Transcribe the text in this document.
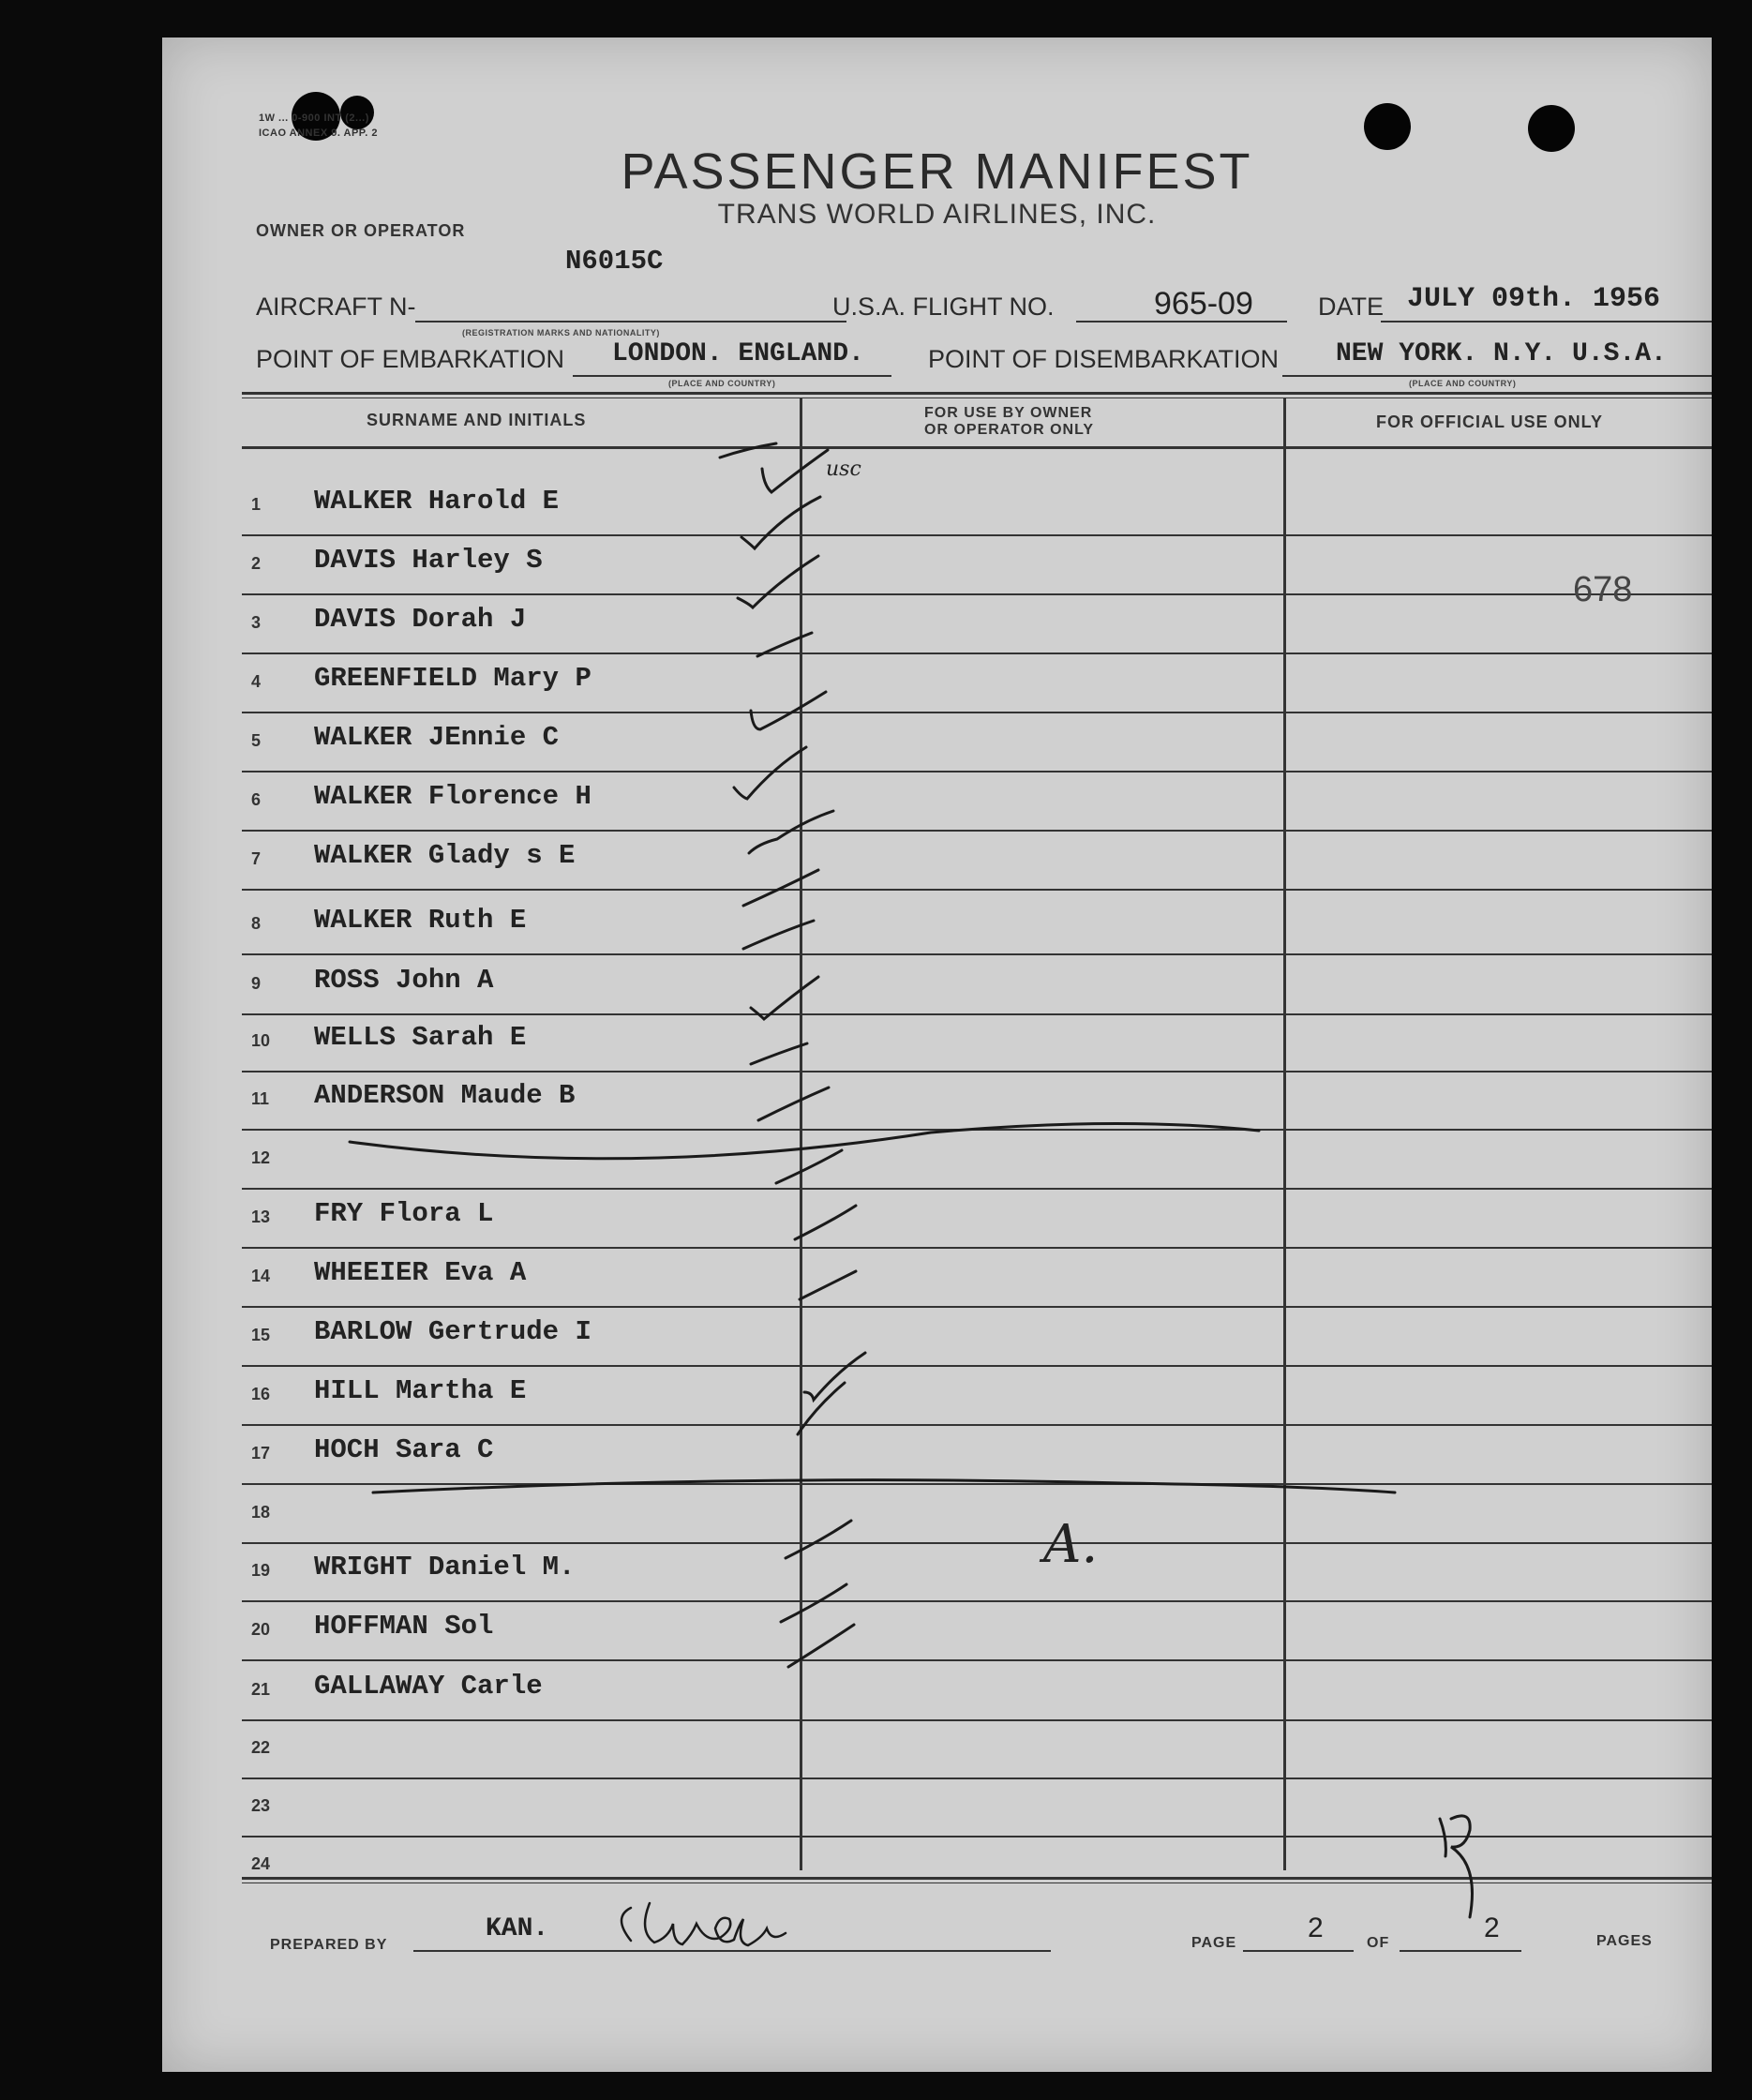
1W ... 0-900 INT (2...)
ICAO ANNEX 9. APP. 2
PASSENGER MANIFEST
TRANS WORLD AIRLINES, INC.
OWNER OR OPERATOR
N6015C
AIRCRAFT N-
(REGISTRATION MARKS AND NATIONALITY)
U.S.A. FLIGHT NO.	965-09	DATE JULY 09th. 1956
POINT OF EMBARKATION LONDON. ENGLAND.
(PLACE AND COUNTRY)
POINT OF DISEMBARKATION NEW YORK. N.Y. U.S.A.
(PLACE AND COUNTRY)
SURNAME AND INITIALS	FOR USE BY OWNER
OR OPERATOR ONLY	FOR OFFICIAL USE ONLY
1	WALKER Harold E
2	DAVIS Harley S
3	DAVIS Dorah J
4	GREENFIELD Mary P
5	WALKER JEnnie C
6	WALKER Florence H
7	WALKER Glady s E
8	WALKER Ruth E
9	ROSS John A
10	WELLS Sarah E
11	ANDERSON Maude B
12
13	FRY Flora L
14	WHEEIER Eva A
15	BARLOW Gertrude I
16	HILL Martha E
17	HOCH Sara C
18
19	WRIGHT Daniel M.
20	HOFFMAN Sol
21	GALLAWAY Carle
22
23
24
PREPARED BY
KAN.	PAGE	2	OF	2	PAGES
usc
A.
678
